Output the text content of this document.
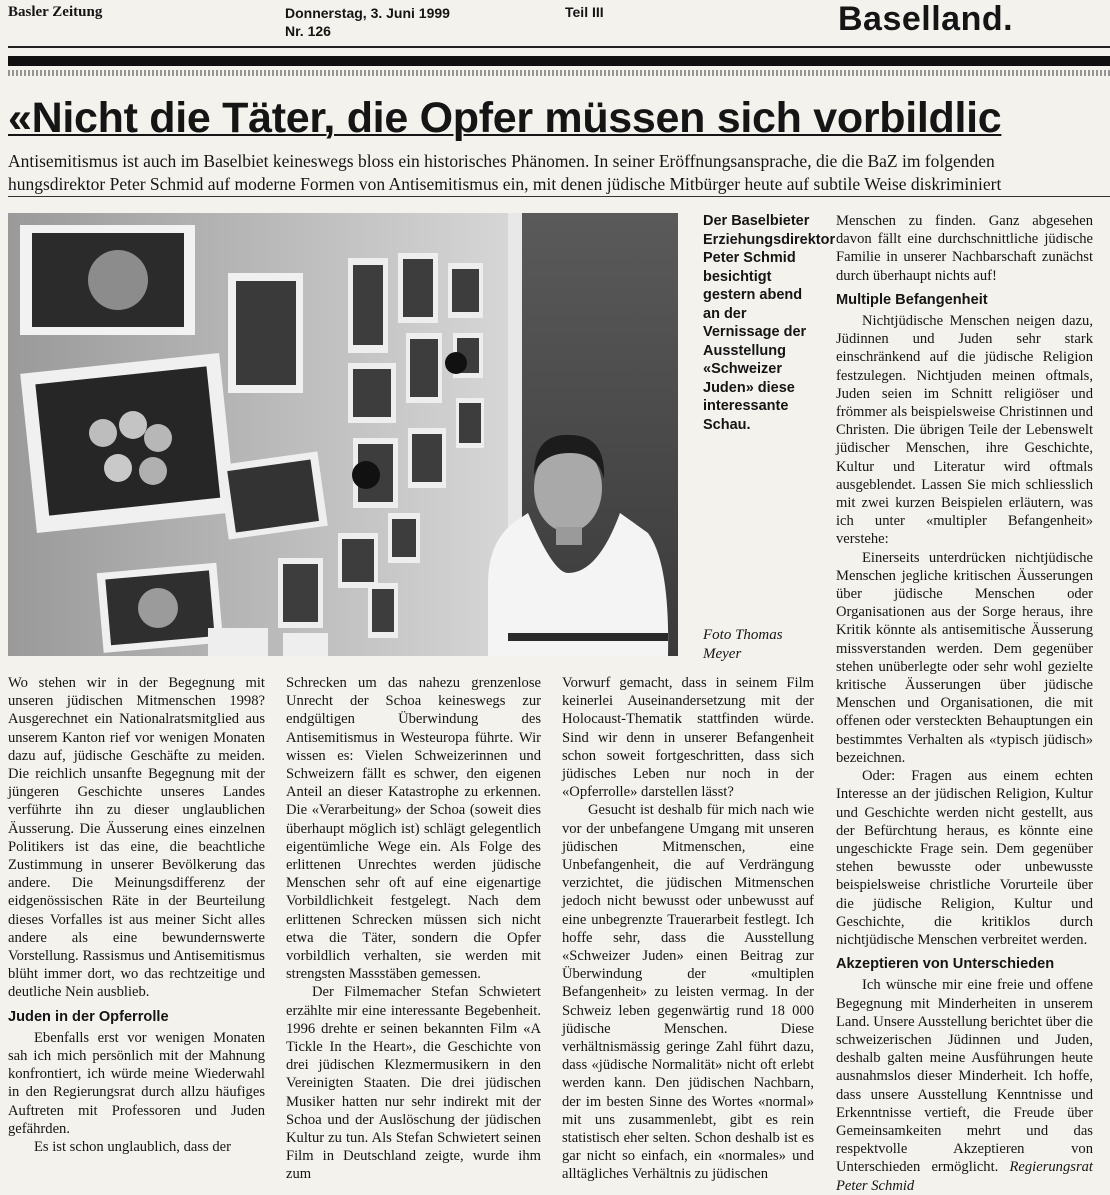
Basler Zeitung	Donnerstag, 3. Juni 1999
Nr. 126
Teil III	Baselland.
«Nicht die Täter, die Opfer müssen sich vorbildlic
Antisemitismus ist auch im Baselbiet keineswegs bloss ein historisches Phänomen. In seiner Eröffnungsansprache, die die BaZ im folgenden
hungsdirektor Peter Schmid auf moderne Formen von Antisemitismus ein, mit denen jüdische Mitbürger heute auf subtile Weise diskriminiert
Der Baselbieter Erziehungsdirektor Peter Schmid besichtigt gestern abend an der Vernissage der Ausstellung «Schweizer Juden» diese interessante Schau.
Foto Thomas Meyer

Wo stehen wir in der Begegnung mit unseren jüdischen Mitmenschen 1998? Ausgerechnet ein Nationalratsmitglied aus unserem Kanton rief vor wenigen Monaten dazu auf, jüdische Geschäfte zu meiden. Die reichlich unsanfte Begegnung mit der jüngeren Geschichte unseres Landes verführte ihn zu dieser unglaublichen Äusserung. Die Äusserung eines einzelnen Politikers ist das eine, die beachtliche Zustimmung in unserer Bevölkerung das andere. Die Meinungsdifferenz der eidgenössischen Räte in der Beurteilung dieses Vorfalles ist aus meiner Sicht alles andere als eine bewundernswerte Vorstellung. Rassismus und Antisemitismus blüht immer dort, wo das rechtzeitige und deutliche Nein ausblieb.

Juden in der Opferrolle

Ebenfalls erst vor wenigen Monaten sah ich mich persönlich mit der Mahnung konfrontiert, ich würde meine Wiederwahl in den Regierungsrat durch allzu häufiges Auftreten mit Professoren und Juden gefährden.

Es ist schon unglaublich, dass der

Schrecken um das nahezu grenzenlose Unrecht der Schoa keineswegs zur endgültigen Überwindung des Antisemitismus in Westeuropa führte. Wir wissen es: Vielen Schweizerinnen und Schweizern fällt es schwer, den eigenen Anteil an dieser Katastrophe zu erkennen. Die «Verarbeitung» der Schoa (soweit dies überhaupt möglich ist) schlägt gelegentlich eigentümliche Wege ein. Als Folge des erlittenen Unrechtes werden jüdische Menschen sehr oft auf eine eigenartige Vorbildlichkeit festgelegt. Nach dem erlittenen Schrecken müssen sich nicht etwa die Täter, sondern die Opfer vorbildlich verhalten, sie werden mit strengsten Massstäben gemessen.

Der Filmemacher Stefan Schwietert erzählte mir eine interessante Begebenheit. 1996 drehte er seinen bekannten Film «A Tickle In the Heart», die Geschichte von drei jüdischen Klezmermusikern in den Vereinigten Staaten. Die drei jüdischen Musiker hatten nur sehr indirekt mit der Schoa und der Auslöschung der jüdischen Kultur zu tun. Als Stefan Schwietert seinen Film in Deutschland zeigte, wurde ihm zum

Vorwurf gemacht, dass in seinem Film keinerlei Auseinandersetzung mit der Holocaust-Thematik stattfinden würde. Sind wir denn in unserer Befangenheit schon soweit fortgeschritten, dass sich jüdisches Leben nur noch in der «Opferrolle» darstellen lässt?

Gesucht ist deshalb für mich nach wie vor der unbefangene Umgang mit unseren jüdischen Mitmenschen, eine Unbefangenheit, die auf Verdrängung verzichtet, die jüdischen Mitmenschen jedoch nicht bewusst oder unbewusst auf eine unbegrenzte Trauerarbeit festlegt. Ich hoffe sehr, dass die Ausstellung «Schweizer Juden» einen Beitrag zur Überwindung der «multiplen Befangenheit» zu leisten vermag. In der Schweiz leben gegenwärtig rund 18 000 jüdische Menschen. Diese verhältnismässig geringe Zahl führt dazu, dass «jüdische Normalität» nicht oft erlebt werden kann. Den jüdischen Nachbarn, der im besten Sinne des Wortes «normal» mit uns zusammenlebt, gibt es rein statistisch eher selten. Schon deshalb ist es gar nicht so einfach, ein «normales» und alltägliches Verhältnis zu jüdischen

Menschen zu finden. Ganz abgesehen davon fällt eine durchschnittliche jüdische Familie in unserer Nachbarschaft zunächst durch überhaupt nichts auf!

Multiple Befangenheit

Nichtjüdische Menschen neigen dazu, Jüdinnen und Juden sehr stark einschränkend auf die jüdische Religion festzulegen. Nichtjuden meinen oftmals, Juden seien im Schnitt religiöser und frömmer als beispielsweise Christinnen und Christen. Die übrigen Teile der Lebenswelt jüdischer Menschen, ihre Geschichte, Kultur und Literatur wird oftmals ausgeblendet. Lassen Sie mich schliesslich mit zwei kurzen Beispielen erläutern, was ich unter «multipler Befangenheit» verstehe:

Einerseits unterdrücken nichtjüdische Menschen jegliche kritischen Äusserungen über jüdische Menschen oder Organisationen aus der Sorge heraus, ihre Kritik könnte als antisemitische Äusserung missverstanden werden. Dem gegenüber stehen unüberlegte oder sehr wohl gezielte kritische Äusserungen über jüdische Menschen und Organisationen, die mit offenen oder versteckten Behauptungen ein bestimmtes Verhalten als «typisch jüdisch» bezeichnen.

Oder: Fragen aus einem echten Interesse an der jüdischen Religion, Kultur und Geschichte werden nicht gestellt, aus der Befürchtung heraus, es könnte eine ungeschickte Frage sein. Dem gegenüber stehen bewusste oder unbewusste beispielsweise christliche Vorurteile über die jüdische Religion, Kultur und Geschichte, die kritiklos durch nichtjüdische Menschen verbreitet werden.

Akzeptieren von Unterschieden

Ich wünsche mir eine freie und offene Begegnung mit Minderheiten in unserem Land. Unsere Ausstellung berichtet über die schweizerischen Jüdinnen und Juden, deshalb galten meine Ausführungen heute ausnahmslos dieser Minderheit. Ich hoffe, dass unsere Ausstellung Kenntnisse und Erkenntnisse vertieft, die Freude über Gemeinsamkeiten mehrt und das respektvolle Akzeptieren von Unterschieden ermöglicht. Regierungsrat Peter Schmid
